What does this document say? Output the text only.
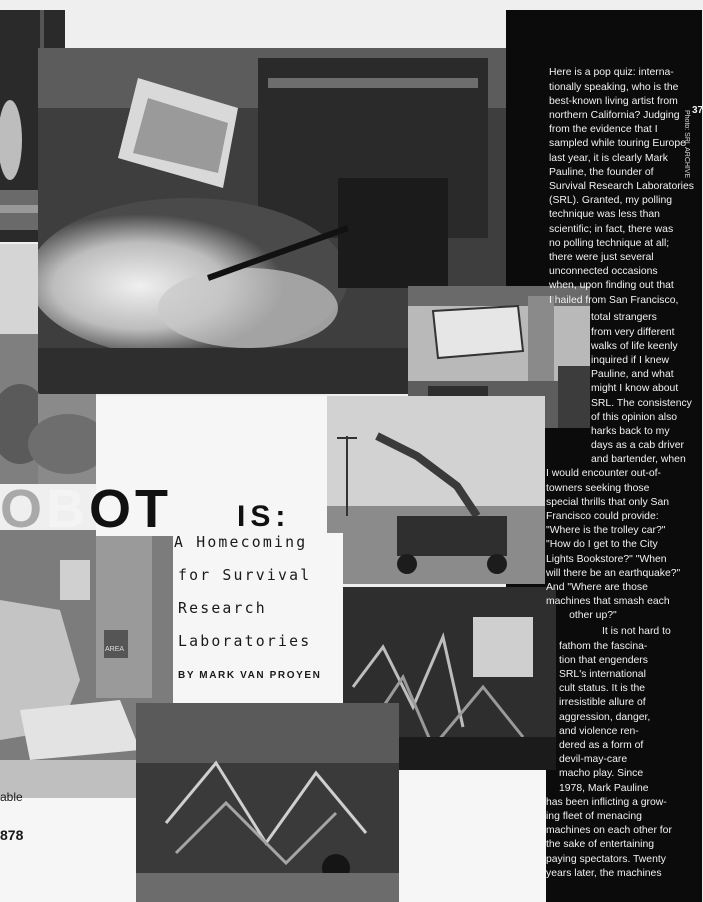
OBOT IS:
A Homecoming
for Survival
Research
Laboratories
BY MARK VAN PROYEN
able
878
AREA

Here is a pop quiz: interna-
tionally speaking, who is the
best-known living artist from
northern California? Judging
from the evidence that I
sampled while touring Europe
last year, it is clearly Mark
Pauline, the founder of
Survival Research Laboratories
(SRL). Granted, my polling
technique was less than
scientific; in fact, there was
no polling technique at all;
there were just several
unconnected occasions
when, upon finding out that
I hailed from San Francisco,

total strangers
from very different
walks of life keenly
inquired if I knew
Pauline, and what
might I know about
SRL. The consistency
of this opinion also
harks back to my
days as a cab driver
and bartender, when

I would encounter out-of-
towners seeking those
special thrills that only San
Francisco could provide:
"Where is the trolley car?"
"How do I get to the City
Lights Bookstore?" "When
will there be an earthquake?"
And "Where are those
machines that smash each
other up?"

It is not hard to
fathom the fascina-
tion that engenders
SRL's international
cult status. It is the
irresistible allure of
aggression, danger,
and violence ren-
dered as a form of
devil-may-care
macho play. Since
1978, Mark Pauline
has been inflicting a grow-
ing fleet of menacing
machines on each other for
the sake of entertaining
paying spectators. Twenty
years later, the machines

37
Photo: SRL ARCHIVE
